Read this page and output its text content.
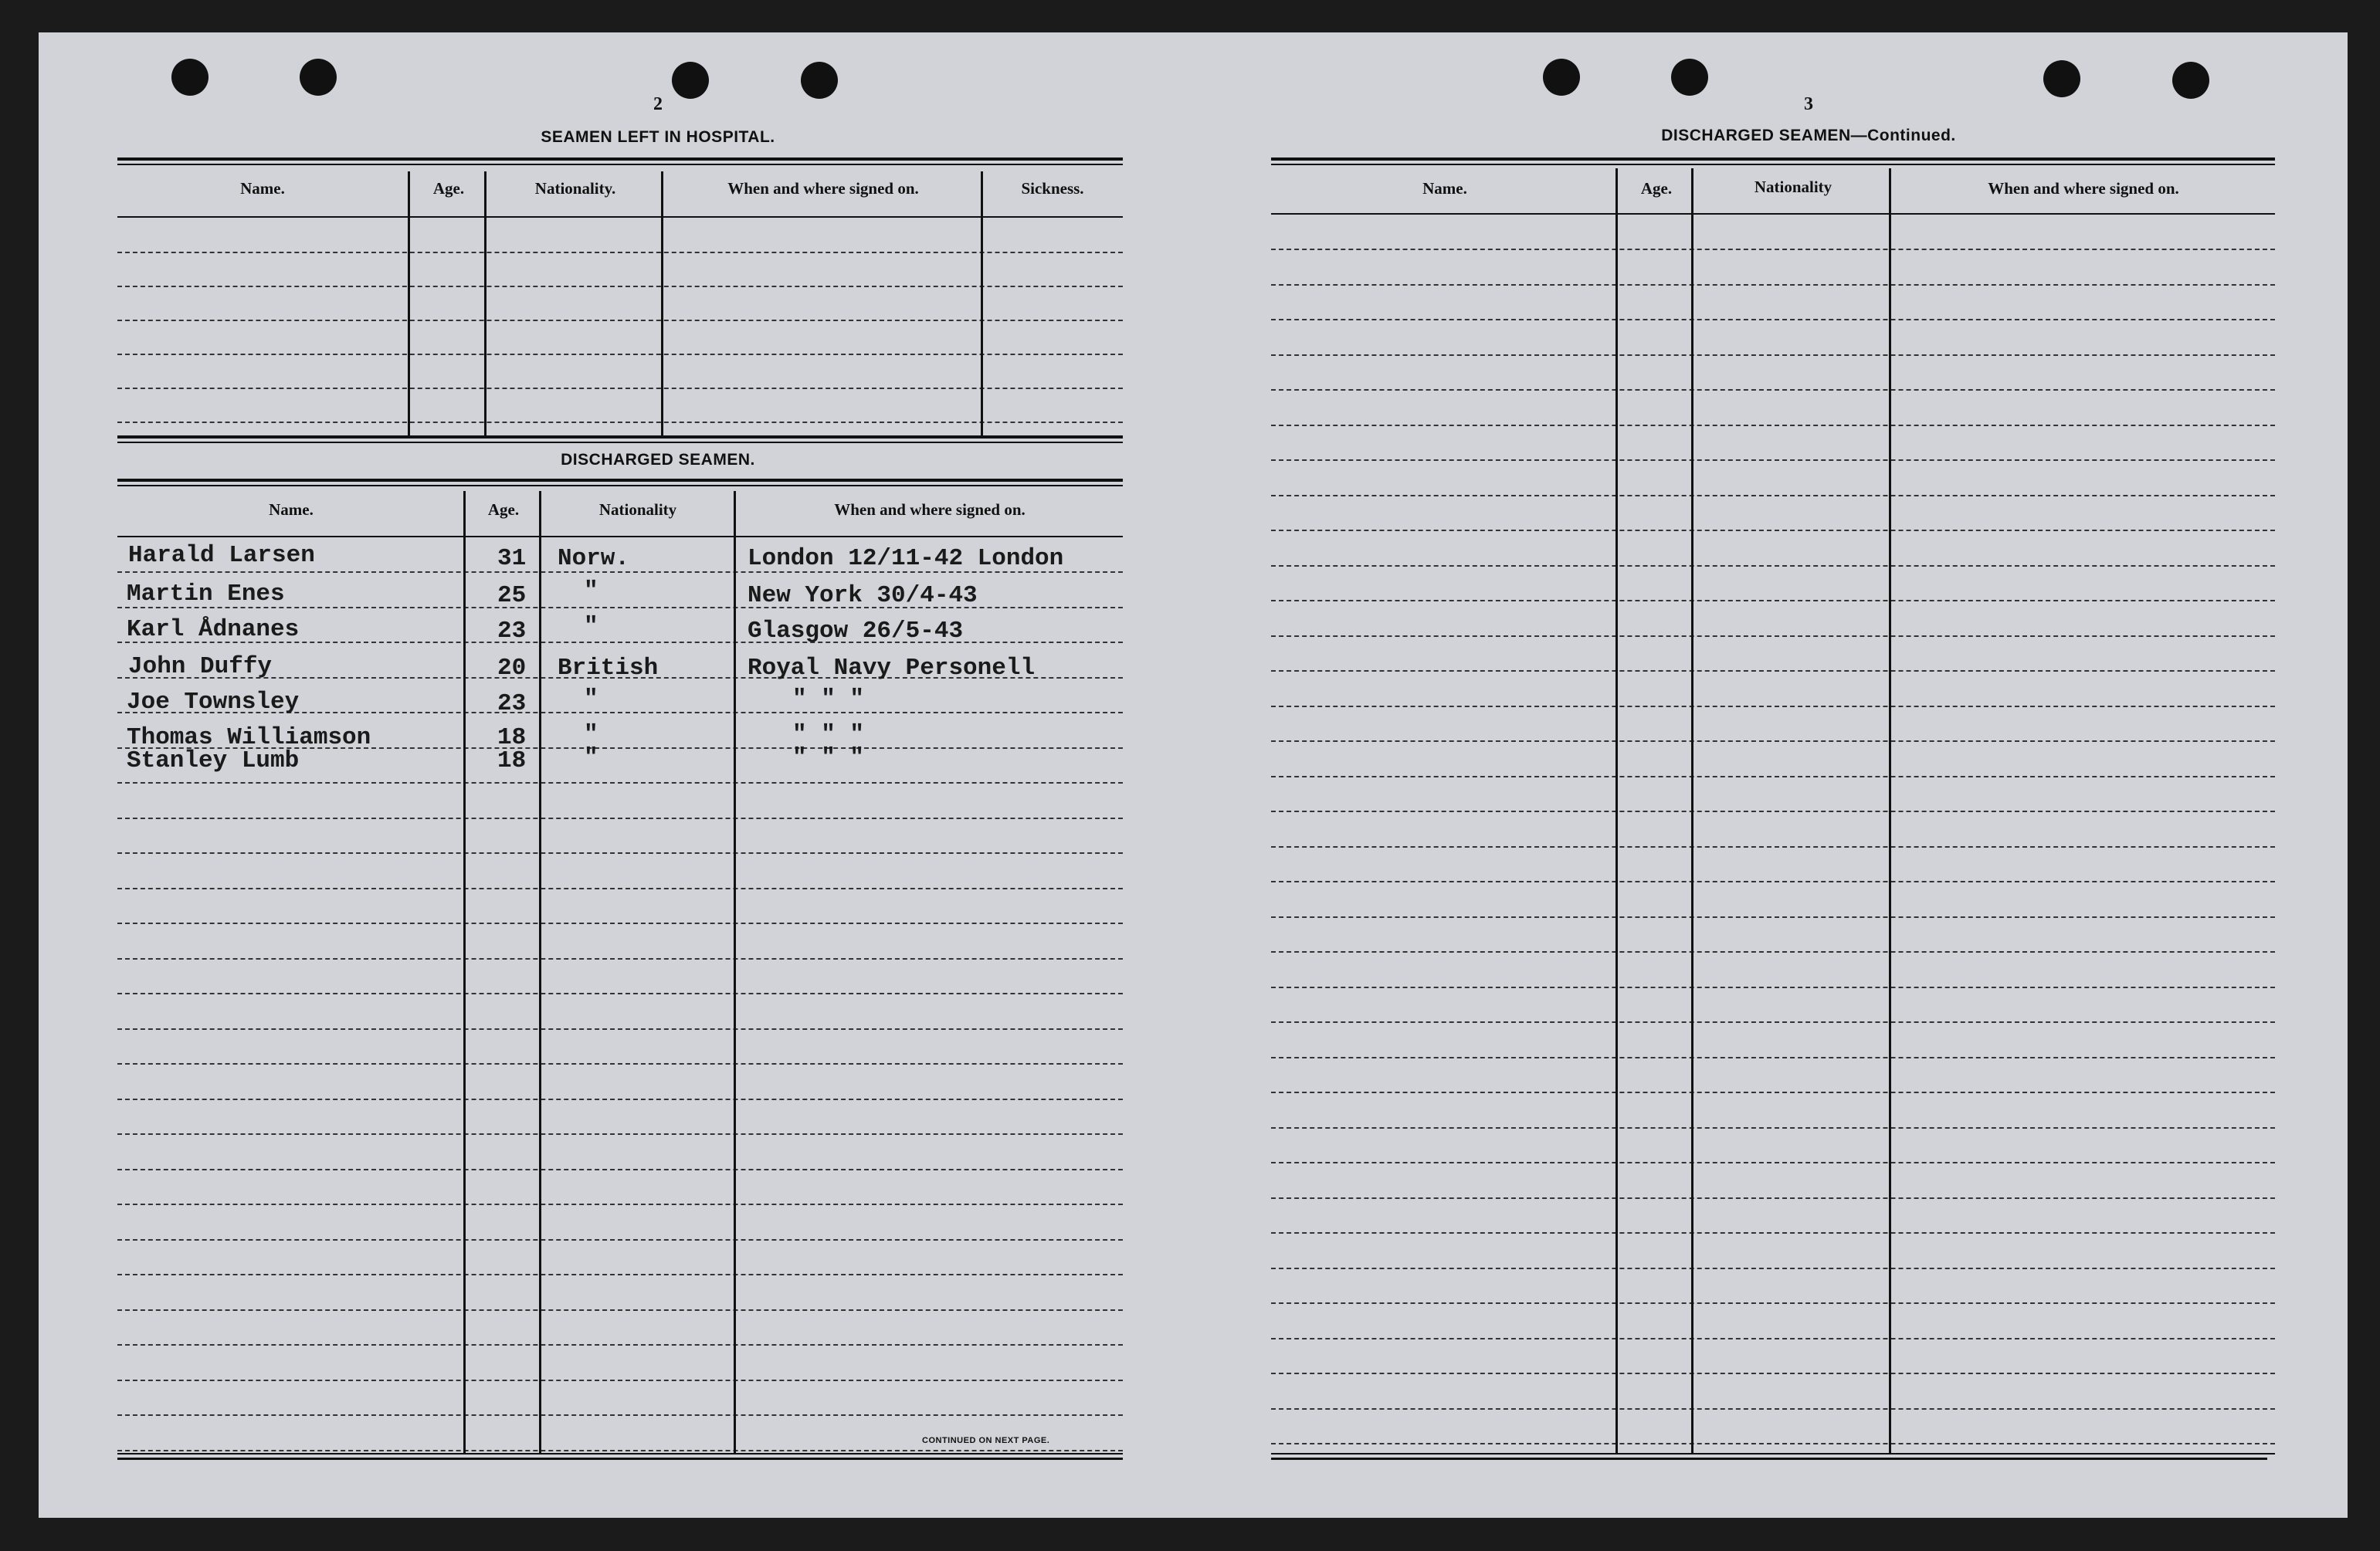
2
SEAMEN LEFT IN HOSPITAL.
Name.	Age.	Nationality.	When and where signed on.	Sickness.
DISCHARGED SEAMEN.
Name.	Age.	Nationality	When and where signed on.
Harald Larsen	31 Norw.	London 12/11-42 London
Martin Enes	25 "	New York 30/4-43
Karl Ådnanes	23 "	Glasgow 26/5-43
John Duffy	20 British	Royal Navy Personell
Joe Townsley	23 "	" " "
Thomas Williamson	18 "	" " "
Stanley Lumb	18 "	" " "
CONTINUED ON NEXT PAGE.
3
DISCHARGED SEAMEN—Continued.
Name.	Age.	Nationality	When and where signed on.
